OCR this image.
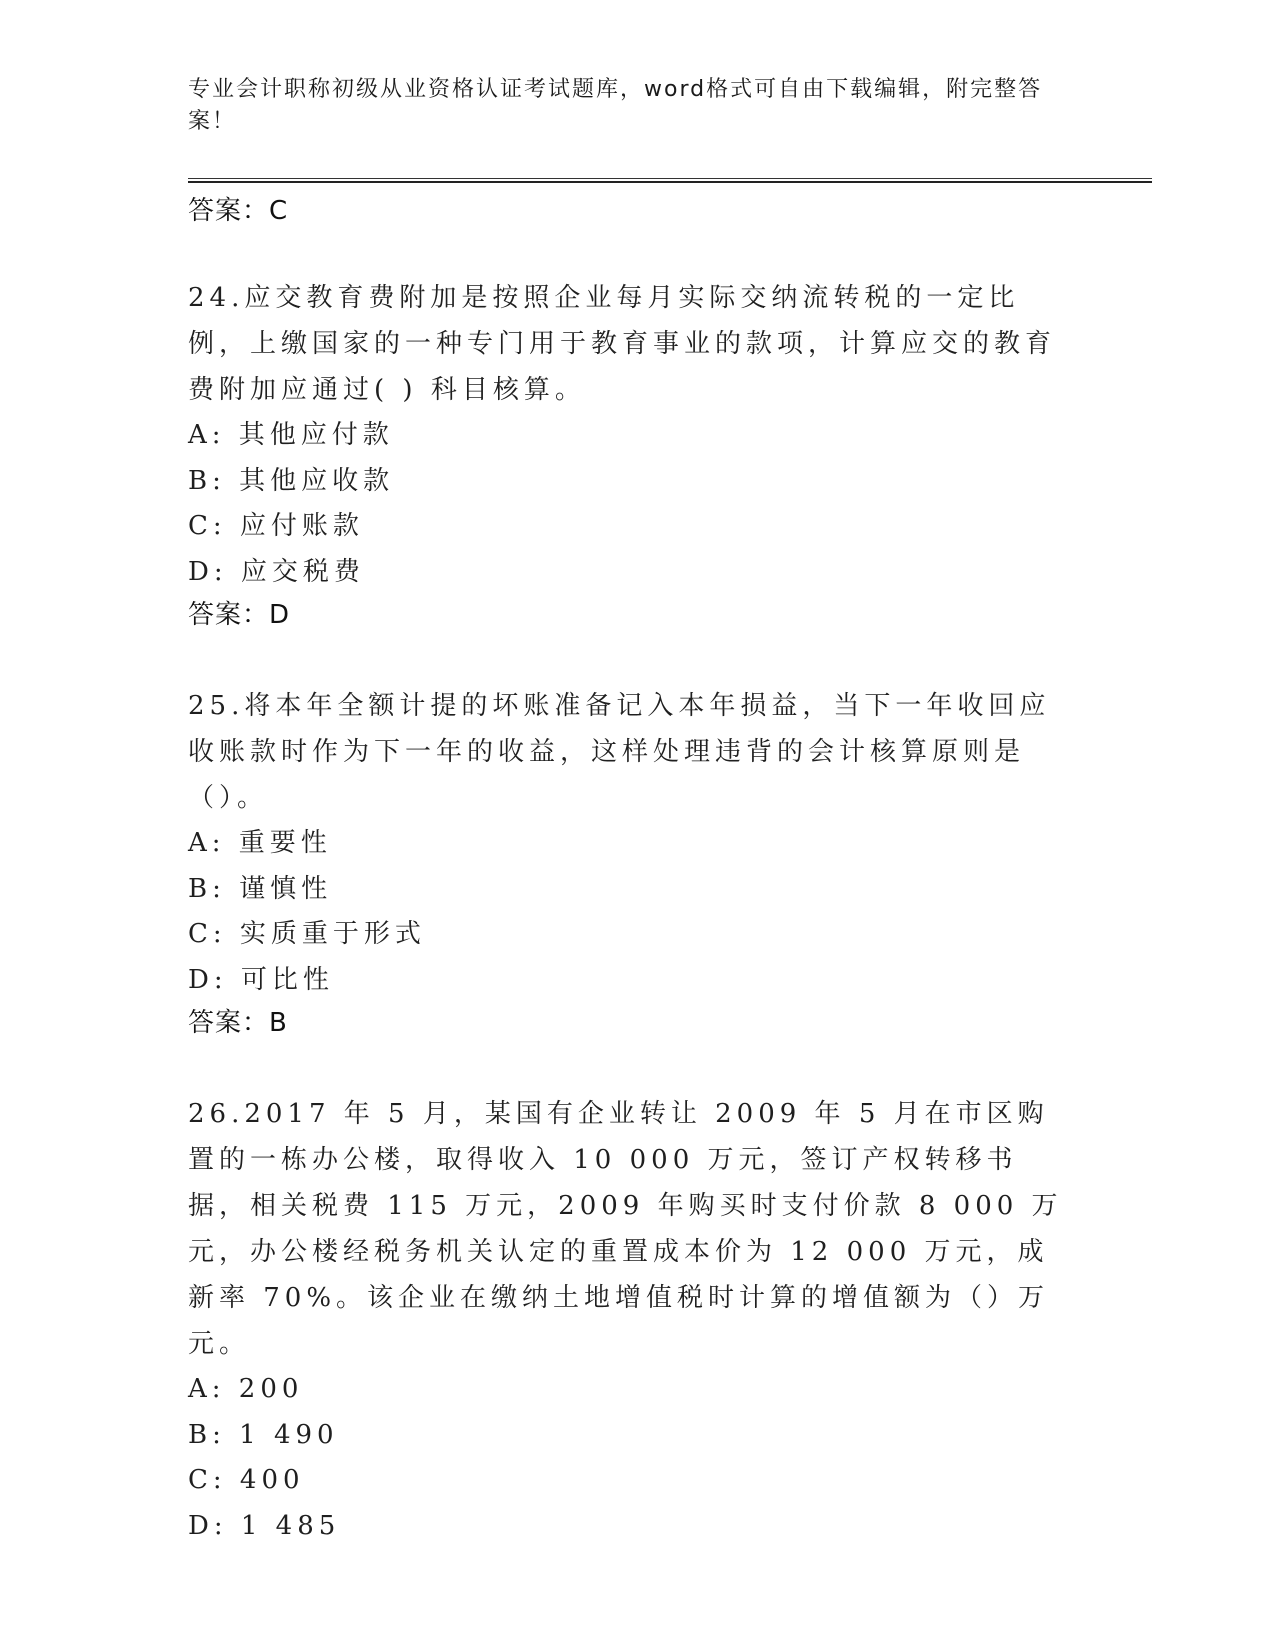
专业会计职称初级从业资格认证考试题库，word格式可自由下载编辑，附完整答案！
答案：C

24.应交教育费附加是按照企业每月实际交纳流转税的一定比例，上缴国家的一种专门用于教育事业的款项，计算应交的教育费附加应通过( ) 科目核算。

A: 其他应付款
B: 其他应收款
C: 应付账款
D: 应交税费
答案：D

25.将本年全额计提的坏账准备记入本年损益，当下一年收回应收账款时作为下一年的收益，这样处理违背的会计核算原则是（）。

A: 重要性
B: 谨慎性
C: 实质重于形式
D: 可比性
答案：B

26.2017 年 5 月，某国有企业转让 2009 年 5 月在市区购置的一栋办公楼，取得收入 10 000 万元，签订产权转移书据，相关税费 115 万元，2009 年购买时支付价款 8 000 万元，办公楼经税务机关认定的重置成本价为 12 000 万元，成新率 70%。该企业在缴纳土地增值税时计算的增值额为（）万元。

A: 200
B: 1 490
C: 400
D: 1 485
